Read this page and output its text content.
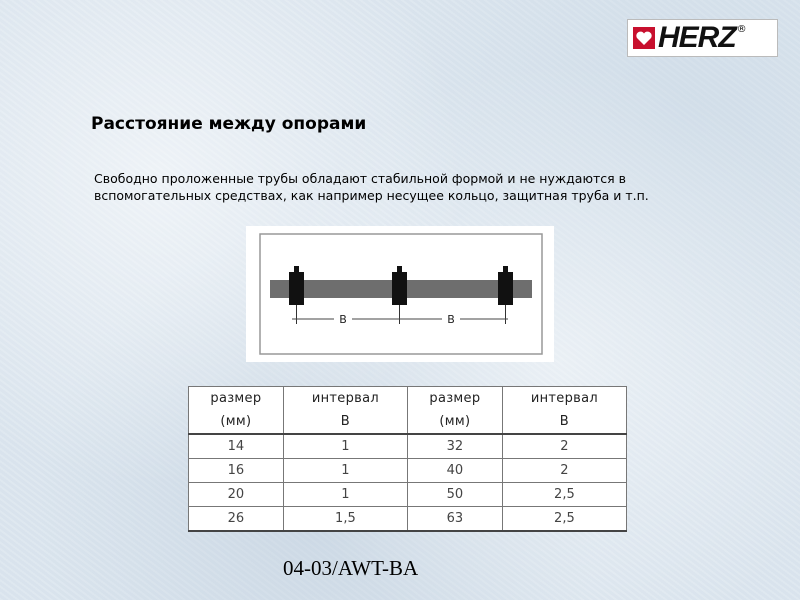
HERZ ®
Расстояние между опорами
Свободно проложенные трубы обладают стабильной формой и не нуждаются в вспомогательных средствах, как например несущее кольцо, защитная труба и т.п.
B	B
размер	интервал	размер	интервал
(мм)	B	(мм)	B
14	1	32	2
16	1	40	2
20	1	50	2,5
26	1,5	63	2,5
04-03/AWT-BA
